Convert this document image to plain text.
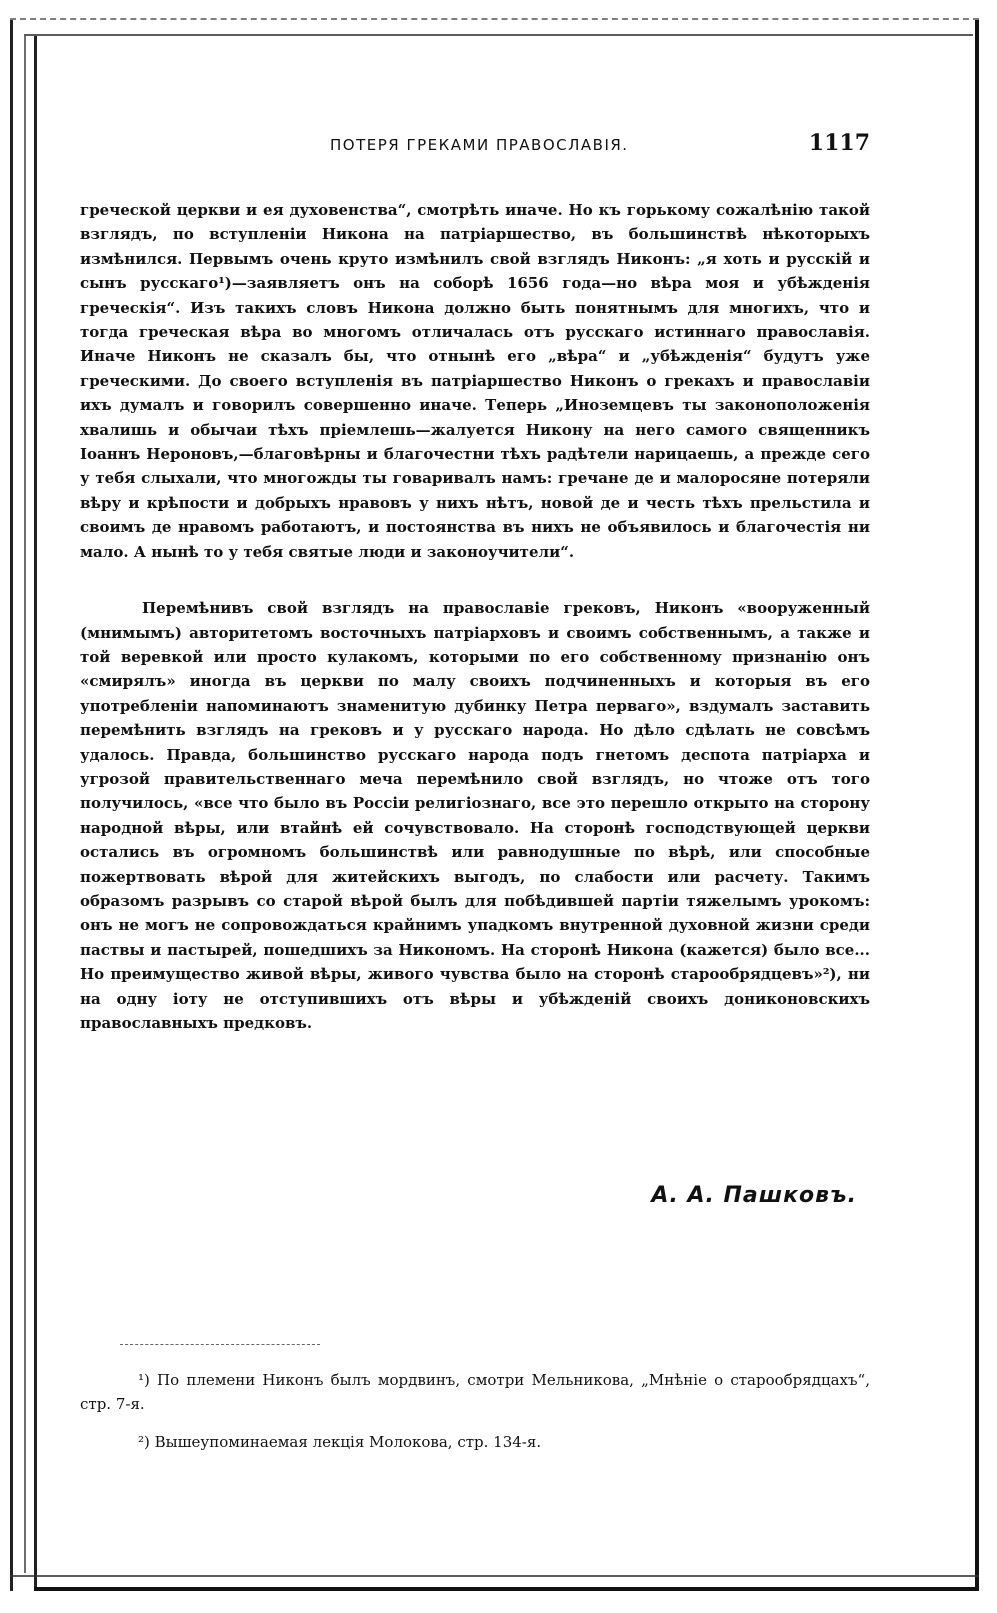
ПОТЕРЯ ГРЕКАМИ ПРАВОСЛАВІЯ.	1117

греческой церкви и ея духовенства“, смотрѣть иначе. Но къ горькому сожалѣнію такой взглядъ, по вступленіи Никона на патріаршество, въ большинствѣ нѣкоторыхъ измѣнился. Первымъ очень круто измѣнилъ свой взглядъ Никонъ: „я хоть и русскій и сынъ русскаго¹)—заявляетъ онъ на соборѣ 1656 года—но вѣра моя и убѣжденія греческія“. Изъ такихъ словъ Никона должно быть понятнымъ для многихъ, что и тогда греческая вѣра во многомъ отличалась отъ русскаго истиннаго православія. Иначе Никонъ не сказалъ бы, что отнынѣ его „вѣра“ и „убѣжденія“ будутъ уже греческими. До своего вступленія въ патріаршество Никонъ о грекахъ и православіи ихъ думалъ и говорилъ совершенно иначе. Теперь „Иноземцевъ ты законоположенія хвалишь и обычаи тѣхъ пріемлешь—жалуется Никону на него самого священникъ Іоаннъ Нероновъ,—благовѣрны и благочестни тѣхъ радѣтели нарицаешь, а прежде сего у тебя слыхали, что многожды ты говаривалъ намъ: гречане де и малоросяне потеряли вѣру и крѣпости и добрыхъ нравовъ у нихъ нѣтъ, новой де и честь тѣхъ прельстила и своимъ де нравомъ работаютъ, и постоянства въ нихъ не объявилось и благочестія ни мало. А нынѣ то у тебя святые люди и законоучители“.

Перемѣнивъ свой взглядъ на православіе грековъ, Никонъ «вооруженный (мнимымъ) авторитетомъ восточныхъ патріарховъ и своимъ собственнымъ, а также и той веревкой или просто кулакомъ, которыми по его собственному признанію онъ «смирялъ» иногда въ церкви по малу своихъ подчиненныхъ и которыя въ его употребленіи напоминаютъ знаменитую дубинку Петра перваго», вздумалъ заставить перемѣнить взглядъ на грековъ и у русскаго народа. Но дѣло сдѣлать не совсѣмъ удалось. Правда, большинство русскаго народа подъ гнетомъ деспота патріарха и угрозой правительственнаго меча перемѣнило свой взглядъ, но чтоже отъ того получилось, «все что было въ Россіи религіознаго, все это перешло открыто на сторону народной вѣры, или втайнѣ ей сочувствовало. На сторонѣ господствующей церкви остались въ огромномъ большинствѣ или равнодушные по вѣрѣ, или способные пожертвовать вѣрой для житейскихъ выгодъ, по слабости или расчету. Такимъ образомъ разрывъ со старой вѣрой былъ для побѣдившей партіи тяжелымъ урокомъ: онъ не могъ не сопровождаться крайнимъ упадкомъ внутренной духовной жизни среди паствы и пастырей, пошедшихъ за Никономъ. На сторонѣ Никона (кажется) было все... Но преимущество живой вѣры, живого чувства было на сторонѣ старообрядцевъ»²), ни на одну іоту не отступившихъ отъ вѣры и убѣжденій своихъ дониконовскихъ православныхъ предковъ.

А. А. Пашковъ.

¹) По племени Никонъ былъ мордвинъ, смотри Мельникова, „Мнѣніе о старообрядцахъ“, стр. 7-я.

²) Вышеупоминаемая лекція Молокова, стр. 134-я.
